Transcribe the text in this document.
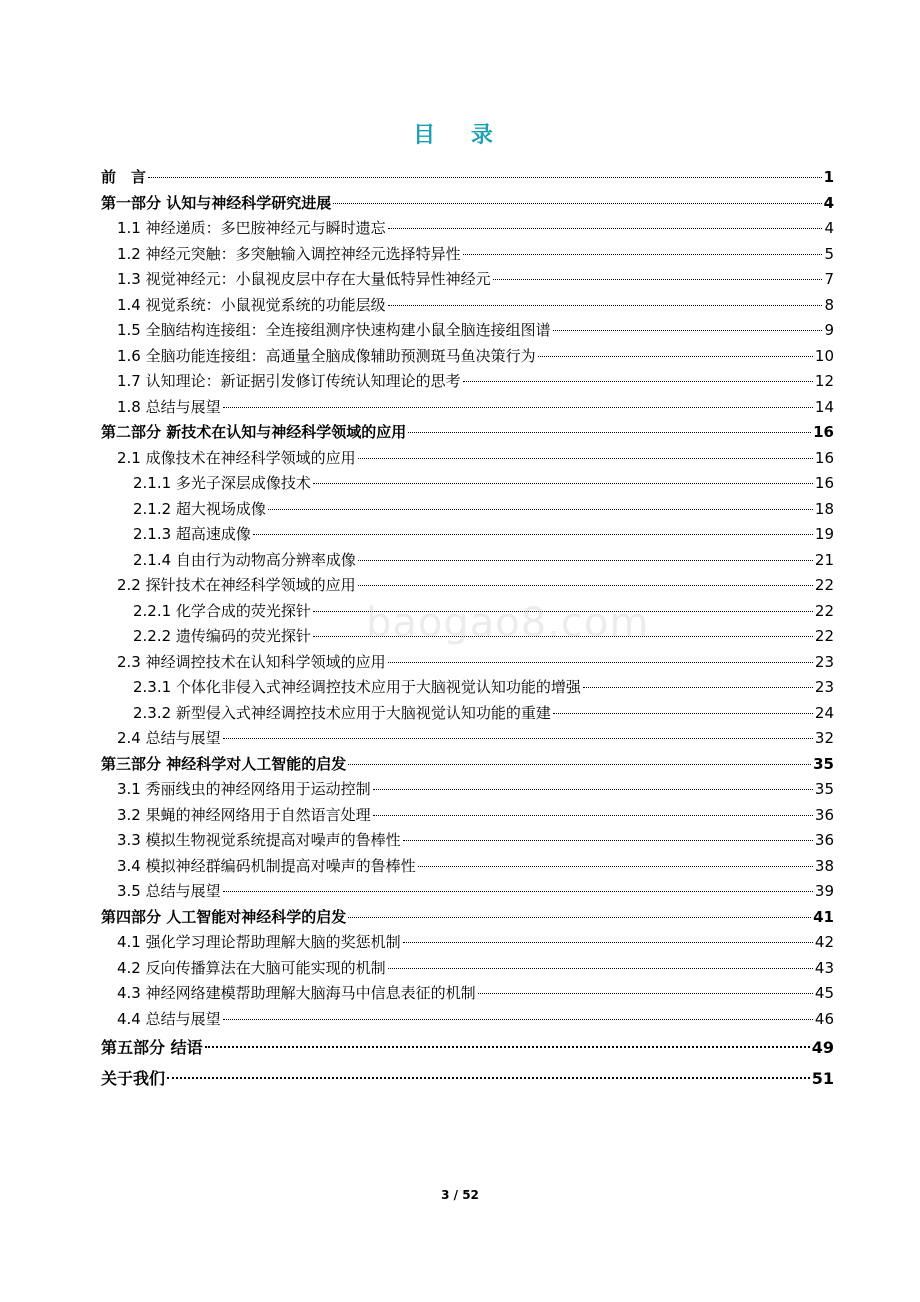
目 录
前　言	1
第一部分 认知与神经科学研究进展	4
1.1 神经递质：多巴胺神经元与瞬时遗忘	4
1.2 神经元突触：多突触输入调控神经元选择特异性	5
1.3 视觉神经元：小鼠视皮层中存在大量低特异性神经元	7
1.4 视觉系统：小鼠视觉系统的功能层级	8
1.5 全脑结构连接组：全连接组测序快速构建小鼠全脑连接组图谱	9
1.6 全脑功能连接组：高通量全脑成像辅助预测斑马鱼决策行为	10
1.7 认知理论：新证据引发修订传统认知理论的思考	12
1.8 总结与展望	14
第二部分 新技术在认知与神经科学领域的应用	16
2.1 成像技术在神经科学领域的应用	16
2.1.1 多光子深层成像技术	16
2.1.2 超大视场成像	18
2.1.3 超高速成像	19
2.1.4 自由行为动物高分辨率成像	21
2.2 探针技术在神经科学领域的应用	22
2.2.1 化学合成的荧光探针	22
2.2.2 遗传编码的荧光探针	22
2.3 神经调控技术在认知科学领域的应用	23
2.3.1 个体化非侵入式神经调控技术应用于大脑视觉认知功能的增强	23
2.3.2 新型侵入式神经调控技术应用于大脑视觉认知功能的重建	24
2.4 总结与展望	32
第三部分 神经科学对人工智能的启发	35
3.1 秀丽线虫的神经网络用于运动控制	35
3.2 果蝇的神经网络用于自然语言处理	36
3.3 模拟生物视觉系统提高对噪声的鲁棒性	36
3.4 模拟神经群编码机制提高对噪声的鲁棒性	38
3.5 总结与展望	39
第四部分 人工智能对神经科学的启发	41
4.1 强化学习理论帮助理解大脑的奖惩机制	42
4.2 反向传播算法在大脑可能实现的机制	43
4.3 神经网络建模帮助理解大脑海马中信息表征的机制	45
4.4 总结与展望	46
第五部分 结语	49
关于我们	51
baogao8.com
3 / 52
